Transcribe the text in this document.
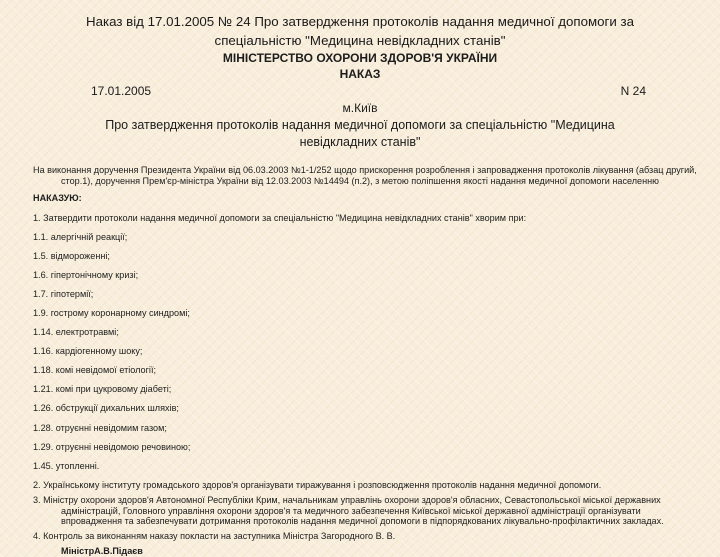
Наказ від 17.01.2005 № 24 Про затвердження протоколів надання медичної допомоги за
спеціальністю "Медицина невідкладних станів"
МІНІСТЕРСТВО ОХОРОНИ ЗДОРОВ'Я УКРАЇНИ
НАКАЗ
17.01.2005	N 24
м.Київ
Про затвердження протоколів надання медичної допомоги за спеціальністю "Медицина
невідкладних станів"
На виконання доручення Президента України від 06.03.2003 №1-1/252 щодо прискорення розроблення і запровадження протоколів лікування (абзац другий, стор.1), доручення Прем'єр-міністра України від 12.03.2003 №14494 (п.2), з метою поліпшення якості надання медичної допомоги населенню
НАКАЗУЮ:
1. Затвердити протоколи надання медичної допомоги за спеціальністю "Медицина невідкладних станів" хворим при:
1.1. алергічній реакції;
1.5. відмороженні;
1.6. гіпертонічному кризі;
1.7. гіпотермії;
1.9. гострому коронарному синдромі;
1.14. електротравмі;
1.16. кардіогенному шоку;
1.18. комі невідомої етіології;
1.21. комі при цукровому діабеті;
1.26. обструкції дихальних шляхів;
1.28. отруєнні невідомим газом;
1.29. отруєнні невідомою речовиною;
1.45. утопленні.
2. Українському інституту громадського здоров'я організувати тиражування і розповсюдження протоколів надання медичної допомоги.
3. Міністру охорони здоров'я Автономної Республіки Крим, начальникам управлінь охорони здоров'я обласних, Севастопольської міської державних адміністрацій, Головного управління охорони здоров'я та медичного забезпечення Київської міської державної адміністрації організувати впровадження та забезпечувати дотримання протоколів надання медичної допомоги в підпорядкованих лікувально-профілактичних закладах.
4. Контроль за виконанням наказу покласти на заступника Міністра Загородного В. В.
МіністрА.В.Підаєв
